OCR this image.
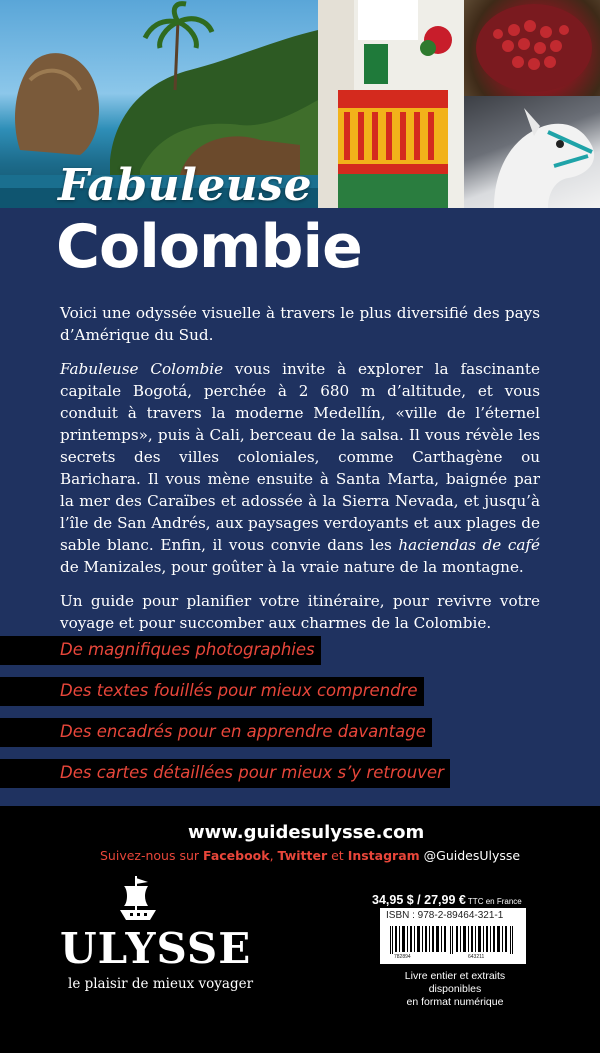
Fabuleuse
Colombie

Voici une odyssée visuelle à travers le plus diversifié des pays d’Amérique du Sud.

Fabuleuse Colombie vous invite à explorer la fascinante capitale Bogotá, perchée à 2 680 m d’altitude, et vous conduit à travers la moderne Medellín, «ville de l’éternel printemps», puis à Cali, berceau de la salsa. Il vous révèle les secrets des villes coloniales, comme Carthagène ou Barichara. Il vous mène ensuite à Santa Marta, baignée par la mer des Caraïbes et adossée à la Sierra Nevada, et jusqu’à l’île de San Andrés, aux paysages verdoyants et aux plages de sable blanc. Enfin, il vous convie dans les haciendas de café de Manizales, pour goûter à la vraie nature de la montagne.

Un guide pour planifier votre itinéraire, pour revivre votre voyage et pour succomber aux charmes de la Colombie.

De magnifiques photographies
Des textes fouillés pour mieux comprendre
Des encadrés pour en apprendre davantage
Des cartes détaillées pour mieux s’y retrouver
www.guidesulysse.com
Suivez-nous sur Facebook, Twitter et Instagram @GuidesUlysse
ULYSSE
le plaisir de mieux voyager
34,95 $ / 27,99 € TTC en France
ISBN : 978-2-89464-321-1
782894	643211
Livre entier et extraits disponibles
en format numérique
